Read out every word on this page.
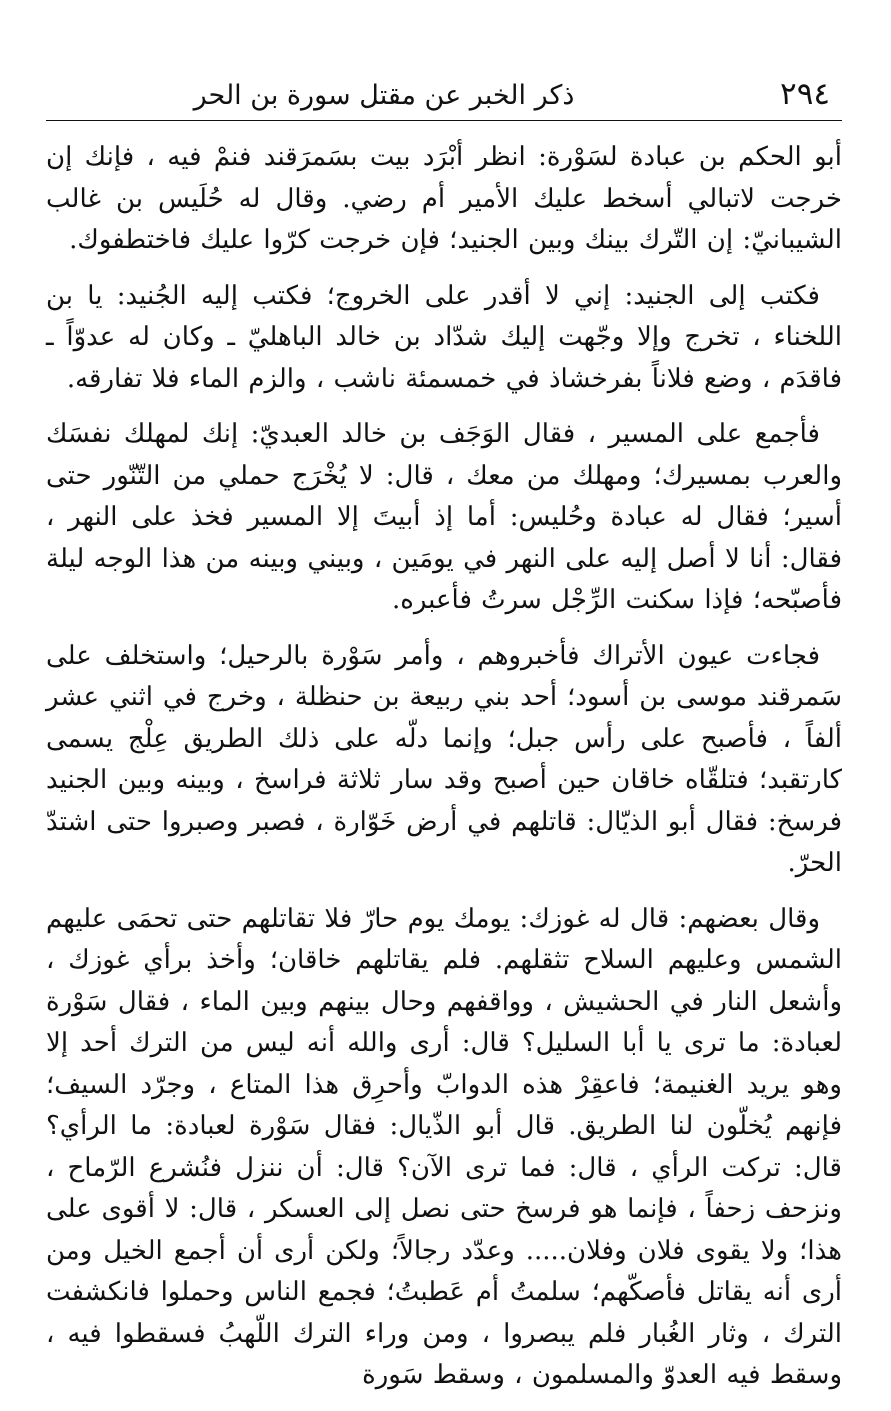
٢٩٤
ذكر الخبر عن مقتل سورة بن الحر

أبو الحكم بن عبادة لسَوْرة: انظر أبْرَد بيت بسَمرَقند فنمْ فيه ، فإنك إن خرجت لاتبالي أسخط عليك الأمير أم رضي. وقال له حُلَيس بن غالب الشيبانيّ: إن التّرك بينك وبين الجنيد؛ فإن خرجت كرّوا عليك فاختطفوك.

فكتب إلى الجنيد: إني لا أقدر على الخروج؛ فكتب إليه الجُنيد: يا بن اللخناء ، تخرج وإلا وجّهت إليك شدّاد بن خالد الباهليّ ـ وكان له عدوّاً ـ فاقدَم ، وضع فلاناً بفرخشاذ في خمسمئة ناشب ، والزم الماء فلا تفارقه.

فأجمع على المسير ، فقال الوَجَف بن خالد العبديّ: إنك لمهلك نفسَك والعرب بمسيرك؛ ومهلك من معك ، قال: لا يُخْرَج حملي من التّنّور حتى أسير؛ فقال له عبادة وحُليس: أما إذ أبيتَ إلا المسير فخذ على النهر ، فقال: أنا لا أصل إليه على النهر في يومَين ، وبيني وبينه من هذا الوجه ليلة فأصبّحه؛ فإذا سكنت الرِّجْل سرتُ فأعبره.

فجاءت عيون الأتراك فأخبروهم ، وأمر سَوْرة بالرحيل؛ واستخلف على سَمرقند موسى بن أسود؛ أحد بني ربيعة بن حنظلة ، وخرج في اثني عشر ألفاً ، فأصبح على رأس جبل؛ وإنما دلّه على ذلك الطريق عِلْج يسمى كارتقبد؛ فتلقّاه خاقان حين أصبح وقد سار ثلاثة فراسخ ، وبينه وبين الجنيد فرسخ: فقال أبو الذيّال: قاتلهم في أرض خَوّارة ، فصبر وصبروا حتى اشتدّ الحرّ.

وقال بعضهم: قال له غوزك: يومك يوم حارّ فلا تقاتلهم حتى تحمَى عليهم الشمس وعليهم السلاح تثقلهم. فلم يقاتلهم خاقان؛ وأخذ برأي غوزك ، وأشعل النار في الحشيش ، وواقفهم وحال بينهم وبين الماء ، فقال سَوْرة لعبادة: ما ترى يا أبا السليل؟ قال: أرى والله أنه ليس من الترك أحد إلا وهو يريد الغنيمة؛ فاعقِرْ هذه الدوابّ وأحرِق هذا المتاع ، وجرّد السيف؛ فإنهم يُخلّون لنا الطريق. قال أبو الذّيال: فقال سَوْرة لعبادة: ما الرأي؟ قال: تركت الرأي ، قال: فما ترى الآن؟ قال: أن ننزل فنُشرع الرّماح ، ونزحف زحفاً ، فإنما هو فرسخ حتى نصل إلى العسكر ، قال: لا أقوى على هذا؛ ولا يقوى فلان وفلان..... وعدّد رجالاً؛ ولكن أرى أن أجمع الخيل ومن أرى أنه يقاتل فأصكّهم؛ سلمتُ أم عَطبتُ؛ فجمع الناس وحملوا فانكشفت الترك ، وثار الغُبار فلم يبصروا ، ومن وراء الترك اللّهبُ فسقطوا فيه ، وسقط فيه العدوّ والمسلمون ، وسقط سَورة
